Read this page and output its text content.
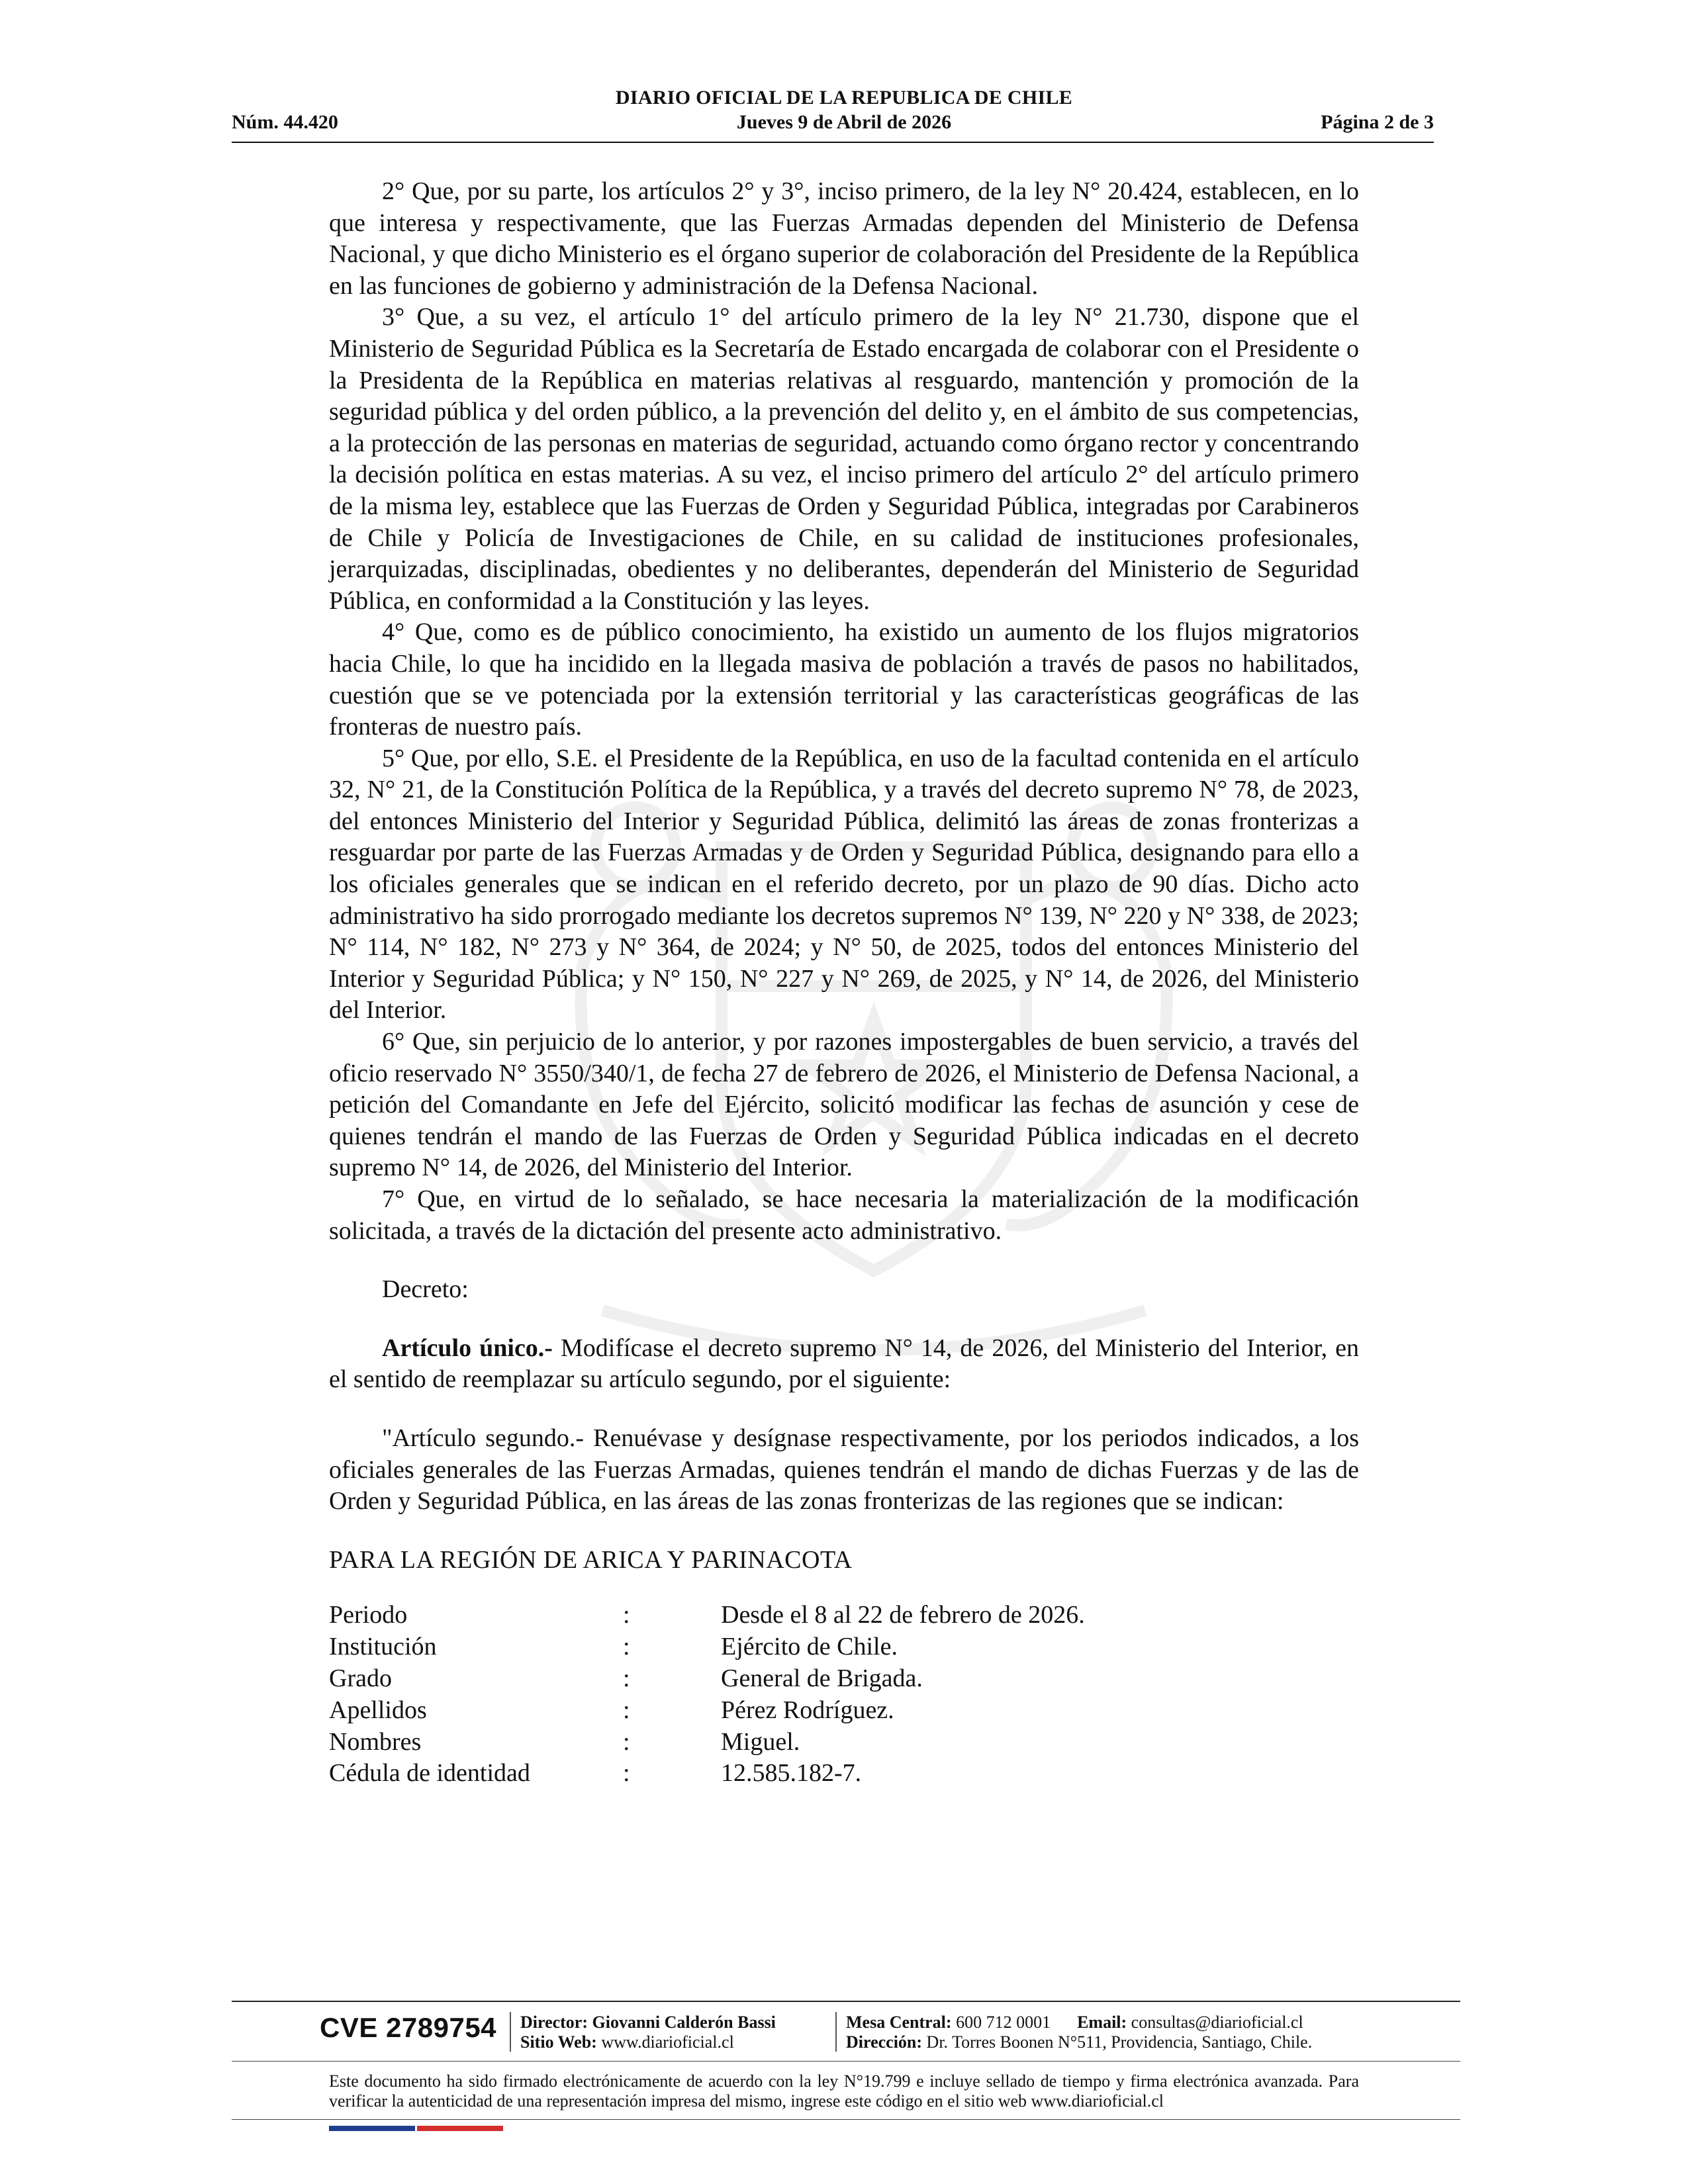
DIARIO OFICIAL DE LA REPUBLICA DE CHILE
Núm. 44.420	Jueves 9 de Abril de 2026	Página 2 de 3

2° Que, por su parte, los artículos 2° y 3°, inciso primero, de la ley N° 20.424, establecen, en lo que interesa y respectivamente, que las Fuerzas Armadas dependen del Ministerio de Defensa Nacional, y que dicho Ministerio es el órgano superior de colaboración del Presidente de la República en las funciones de gobierno y administración de la Defensa Nacional.

3° Que, a su vez, el artículo 1° del artículo primero de la ley N° 21.730, dispone que el Ministerio de Seguridad Pública es la Secretaría de Estado encargada de colaborar con el Presidente o la Presidenta de la República en materias relativas al resguardo, mantención y promoción de la seguridad pública y del orden público, a la prevención del delito y, en el ámbito de sus competencias, a la protección de las personas en materias de seguridad, actuando como órgano rector y concentrando la decisión política en estas materias. A su vez, el inciso primero del artículo 2° del artículo primero de la misma ley, establece que las Fuerzas de Orden y Seguridad Pública, integradas por Carabineros de Chile y Policía de Investigaciones de Chile, en su calidad de instituciones profesionales, jerarquizadas, disciplinadas, obedientes y no deliberantes, dependerán del Ministerio de Seguridad Pública, en conformidad a la Constitución y las leyes.

4° Que, como es de público conocimiento, ha existido un aumento de los flujos migratorios hacia Chile, lo que ha incidido en la llegada masiva de población a través de pasos no habilitados, cuestión que se ve potenciada por la extensión territorial y las características geográficas de las fronteras de nuestro país.

5° Que, por ello, S.E. el Presidente de la República, en uso de la facultad contenida en el artículo 32, N° 21, de la Constitución Política de la República, y a través del decreto supremo N° 78, de 2023, del entonces Ministerio del Interior y Seguridad Pública, delimitó las áreas de zonas fronterizas a resguardar por parte de las Fuerzas Armadas y de Orden y Seguridad Pública, designando para ello a los oficiales generales que se indican en el referido decreto, por un plazo de 90 días. Dicho acto administrativo ha sido prorrogado mediante los decretos supremos N° 139, N° 220 y N° 338, de 2023; N° 114, N° 182, N° 273 y N° 364, de 2024; y N° 50, de 2025, todos del entonces Ministerio del Interior y Seguridad Pública; y N° 150, N° 227 y N° 269, de 2025, y N° 14, de 2026, del Ministerio del Interior.

6° Que, sin perjuicio de lo anterior, y por razones impostergables de buen servicio, a través del oficio reservado N° 3550/340/1, de fecha 27 de febrero de 2026, el Ministerio de Defensa Nacional, a petición del Comandante en Jefe del Ejército, solicitó modificar las fechas de asunción y cese de quienes tendrán el mando de las Fuerzas de Orden y Seguridad Pública indicadas en el decreto supremo N° 14, de 2026, del Ministerio del Interior.

7° Que, en virtud de lo señalado, se hace necesaria la materialización de la modificación solicitada, a través de la dictación del presente acto administrativo.

Decreto:

Artículo único.- Modifícase el decreto supremo N° 14, de 2026, del Ministerio del Interior, en el sentido de reemplazar su artículo segundo, por el siguiente:

"Artículo segundo.- Renuévase y desígnase respectivamente, por los periodos indicados, a los oficiales generales de las Fuerzas Armadas, quienes tendrán el mando de dichas Fuerzas y de las de Orden y Seguridad Pública, en las áreas de las zonas fronterizas de las regiones que se indican:

PARA LA REGIÓN DE ARICA Y PARINACOTA

Periodo	:	Desde el 8 al 22 de febrero de 2026.
Institución	:	Ejército de Chile.
Grado	:	General de Brigada.
Apellidos	:	Pérez Rodríguez.
Nombres	:	Miguel.
Cédula de identidad	:	12.585.182-7.
CVE 2789754 Director: Giovanni Calderón Bassi
Sitio Web: www.diarioficial.cl
Mesa Central: 600 712 0001 Email: consultas@diarioficial.cl
Dirección: Dr. Torres Boonen N°511, Providencia, Santiago, Chile.
Este documento ha sido firmado electrónicamente de acuerdo con la ley N°19.799 e incluye sellado de tiempo y firma electrónica avanzada. Para verificar la autenticidad de una representación impresa del mismo, ingrese este código en el sitio web www.diarioficial.cl
